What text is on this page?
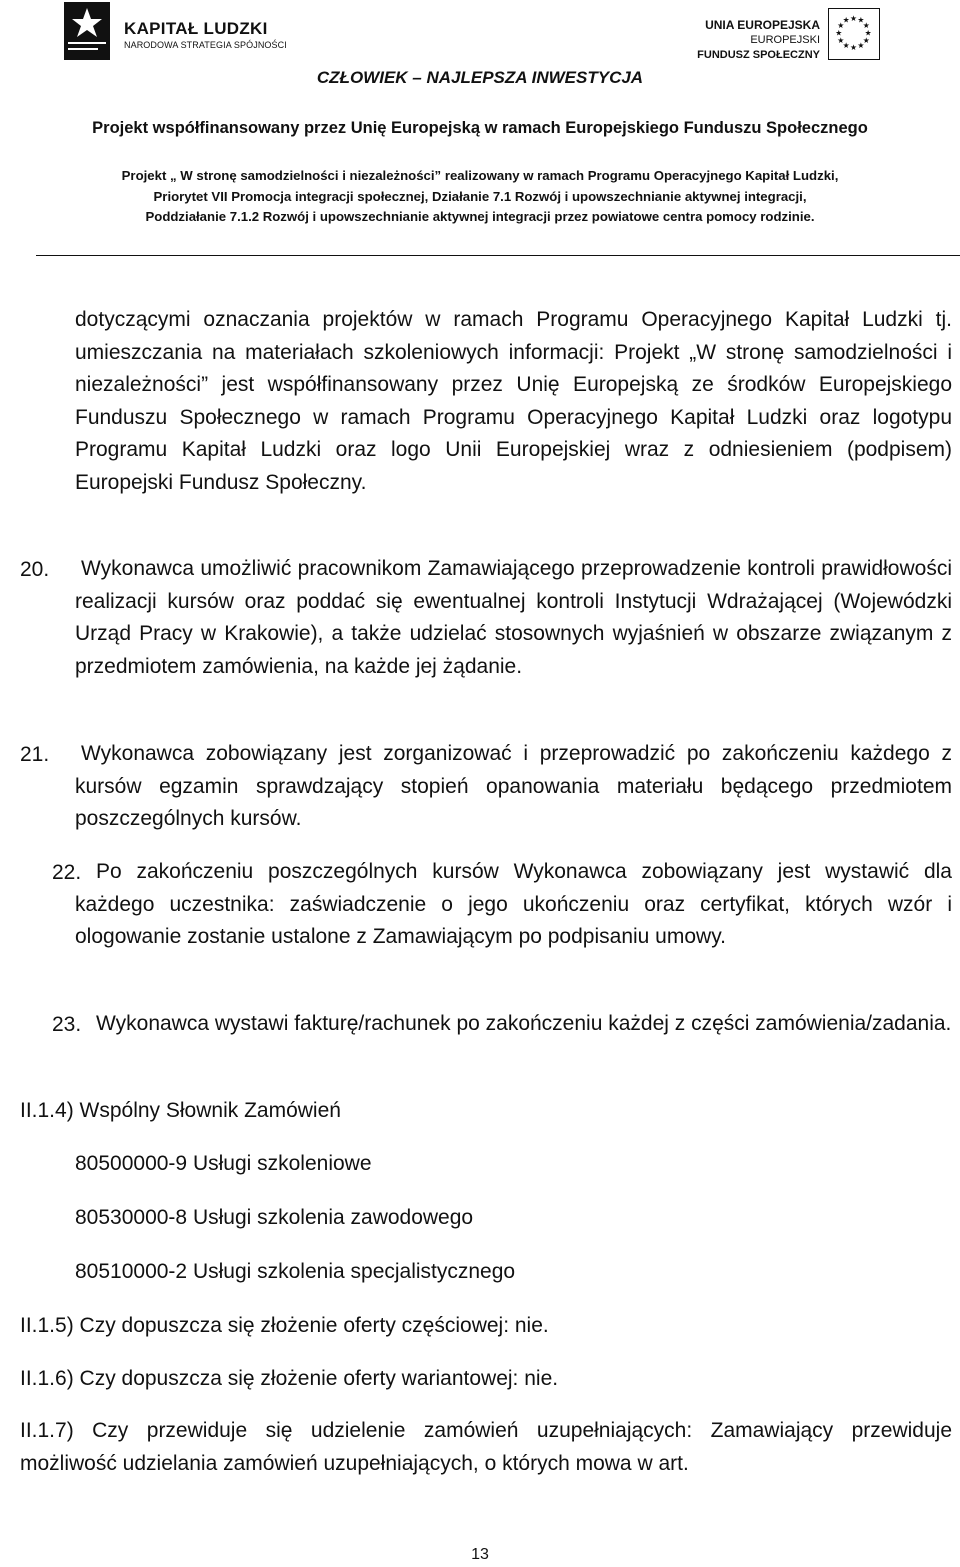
KAPITAŁ LUDZKI
NARODOWA STRATEGIA SPÓJNOŚCI
UNIA EUROPEJSKA
EUROPEJSKI
FUNDUSZ SPOŁECZNY
★ ★
★
★
★
★
★
★
★
★
★
★
CZŁOWIEK – NAJLEPSZA INWESTYCJA
Projekt współfinansowany przez Unię Europejską w ramach Europejskiego Funduszu Społecznego
Projekt „ W stronę samodzielności i niezależności” realizowany w ramach Programu Operacyjnego Kapitał Ludzki,
Priorytet VII Promocja integracji społecznej, Działanie 7.1 Rozwój i upowszechnianie aktywnej integracji,
Poddziałanie 7.1.2 Rozwój i upowszechnianie aktywnej integracji przez powiatowe centra pomocy rodzinie.

dotyczącymi oznaczania projektów w ramach Programu Operacyjnego Kapitał Ludzki tj. umieszczania na materiałach szkoleniowych informacji: Projekt „W stronę samodzielności i niezależności” jest współfinansowany przez Unię Europejską ze środków Europejskiego Funduszu Społecznego w ramach Programu Operacyjnego Kapitał Ludzki oraz logotypu Programu Kapitał Ludzki oraz logo Unii Europejskiej wraz z odniesieniem (podpisem) Europejski Fundusz Społeczny.

20. Wykonawca umożliwić pracownikom Zamawiającego przeprowadzenie kontroli prawidłowości realizacji kursów oraz poddać się ewentualnej kontroli Instytucji Wdrażającej (Wojewódzki Urząd Pracy w Krakowie), a także udzielać stosownych wyjaśnień w obszarze związanym z przedmiotem zamówienia, na każde jej żądanie.

21. Wykonawca zobowiązany jest zorganizować i przeprowadzić po zakończeniu każdego z kursów egzamin sprawdzający stopień opanowania materiału będącego przedmiotem poszczególnych kursów.

22. Po zakończeniu poszczególnych kursów Wykonawca zobowiązany jest wystawić dla każdego uczestnika: zaświadczenie o jego ukończeniu oraz certyfikat, których wzór i ologowanie zostanie ustalone z Zamawiającym po podpisaniu umowy.

23. Wykonawca wystawi fakturę/rachunek po zakończeniu każdej z części zamówienia/zadania.

II.1.4) Wspólny Słownik Zamówień
80500000-9 Usługi szkoleniowe
80530000-8 Usługi szkolenia zawodowego
80510000-2 Usługi szkolenia specjalistycznego
II.1.5) Czy dopuszcza się złożenie oferty częściowej: nie.
II.1.6) Czy dopuszcza się złożenie oferty wariantowej: nie.

II.1.7) Czy przewiduje się udzielenie zamówień uzupełniających: Zamawiający przewiduje możliwość udzielania zamówień uzupełniających, o których mowa w art.

13
